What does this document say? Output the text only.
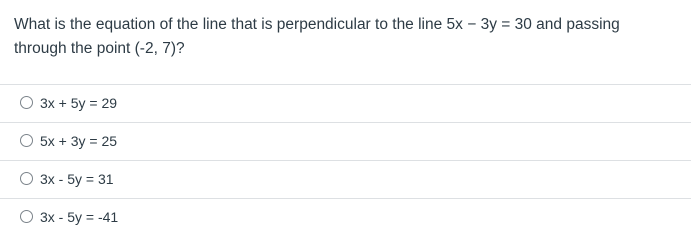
What is the equation of the line that is perpendicular to the line 5x − 3y = 30 and passing through the point (-2, 7)?
3x + 5y = 29
5x + 3y = 25
3x - 5y = 31
3x - 5y = -41
